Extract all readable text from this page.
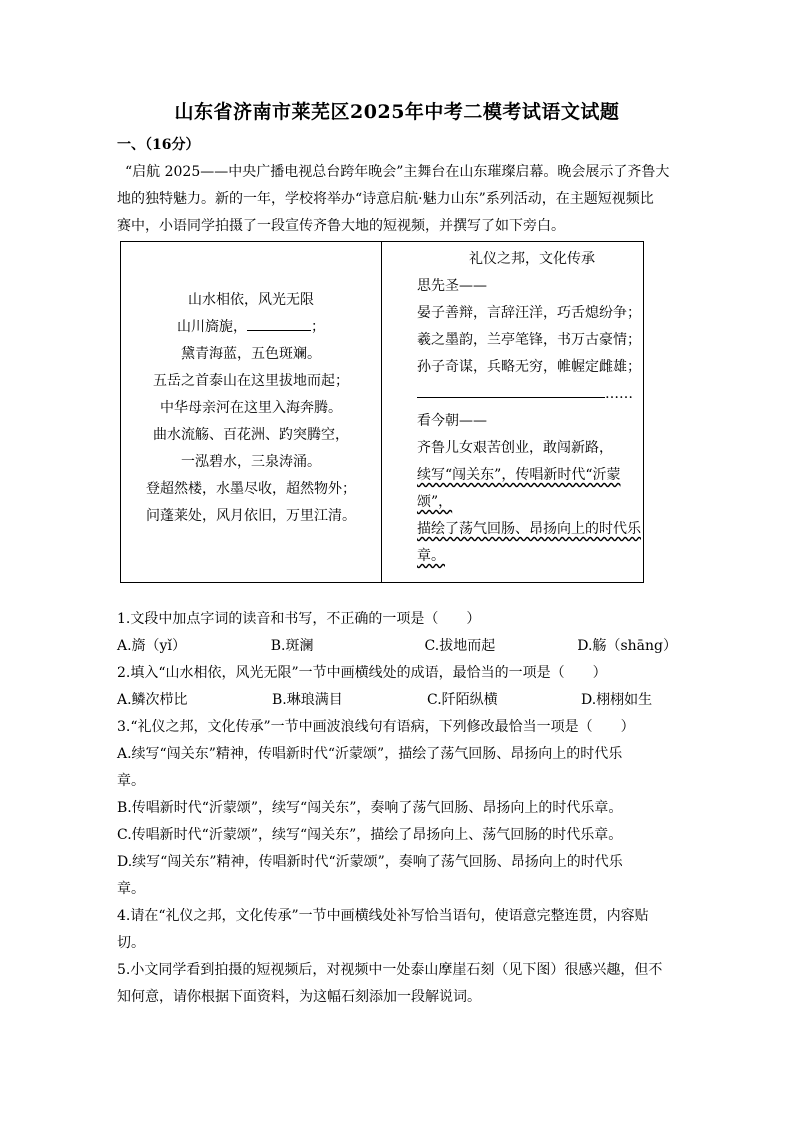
山东省济南市莱芜区2025年中考二模考试语文试题
一、（16分）
“启航 2025——中央广播电视总台跨年晚会”主舞台在山东璀璨启幕。晚会展示了齐鲁大
地的独特魅力。新的一年，学校将举办“诗意启航·魅力山东”系列活动，在主题短视频比
赛中，小语同学拍摄了一段宣传齐鲁大地的短视频，并撰写了如下旁白。
山水相依，风光无限
山川旖旎，	；
黛青海蓝，五色斑斓。
五岳之首泰山在这里拔地而起；
中华母亲河在这里入海奔腾。
曲水流觞、百花洲、趵突腾空，
一泓碧水，三泉涛涌。
登超然楼，水墨尽收，超然物外；
问蓬莱处，风月依旧，万里江清。
礼仪之邦，文化传承
思先圣——
晏子善辩，言辞汪洋，巧舌熄纷争；
羲之墨韵，兰亭笔锋，书万古豪情；
孙子奇谋，兵略无穷，帷幄定雌雄；
……
看今朝——
齐鲁儿女艰苦创业，敢闯新路，
续写“闯关东”，传唱新时代“沂蒙
颂”，
描绘了荡气回肠、昂扬向上的时代乐
章。
1.文段中加点字词的读音和书写，不正确的一项是（　　）
A.旖（yǐ）	B.斑澜	C.拔地而起	D.觞（shāng）
2.填入“山水相依，风光无限”一节中画横线处的成语，最恰当的一项是（　　）
A.鳞次栉比	B.琳琅满目	C.阡陌纵横	D.栩栩如生
3.“礼仪之邦，文化传承”一节中画波浪线句有语病，下列修改最恰当一项是（　　）
A.续写“闯关东”精神，传唱新时代“沂蒙颂”，描绘了荡气回肠、昂扬向上的时代乐
章。
B.传唱新时代“沂蒙颂”，续写“闯关东”，奏响了荡气回肠、昂扬向上的时代乐章。
C.传唱新时代“沂蒙颂”，续写“闯关东”，描绘了昂扬向上、荡气回肠的时代乐章。
D.续写“闯关东”精神，传唱新时代“沂蒙颂”，奏响了荡气回肠、昂扬向上的时代乐
章。
4.请在“礼仪之邦，文化传承”一节中画横线处补写恰当语句，使语意完整连贯，内容贴
切。
5.小文同学看到拍摄的短视频后，对视频中一处泰山摩崖石刻（见下图）很感兴趣，但不
知何意，请你根据下面资料，为这幅石刻添加一段解说词。
